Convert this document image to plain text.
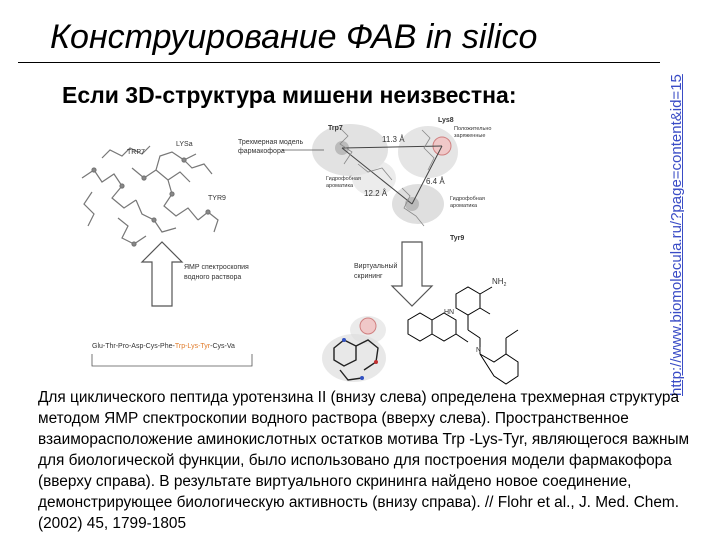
Конструирование ФАВ in silico
Если 3D-структура мишени неизвестна:	http://www.biomolecula.ru/?page=content&id=15
TRP7
LYSa
TYR9
Трехмерная модель
фармакофора
Trp7
Lys8
Tyr9
Положительно
заряженные
Гидрофобная
ароматика
Гидрофобная
ароматика
11.3 Å
6.4 Å
12.2 Å
ЯМР спектроскопия
водного раствора
Виртуальный
скрининг
Glu-Thr-Pro-Asp-Cys-Phe-Trp-Lys-Tyr-Cys-Va
$NH_2$
HN
N
Для циклического пептида уротензина II (внизу слева) определена трехмерная структура методом ЯМР спектроскопии водного раствора (вверху слева). Пространственное взаиморасположение аминокислотных остатков мотива Trp -Lys-Tyr, являющегося важным для биологической функции, было использовано для построения модели фармакофора (вверху справа). В результате виртуального скрининга найдено новое соединение, демонстрирующее биологическую активность (внизу справа). // Flohr et al., J. Med. Chem. (2002) 45, 1799-1805
